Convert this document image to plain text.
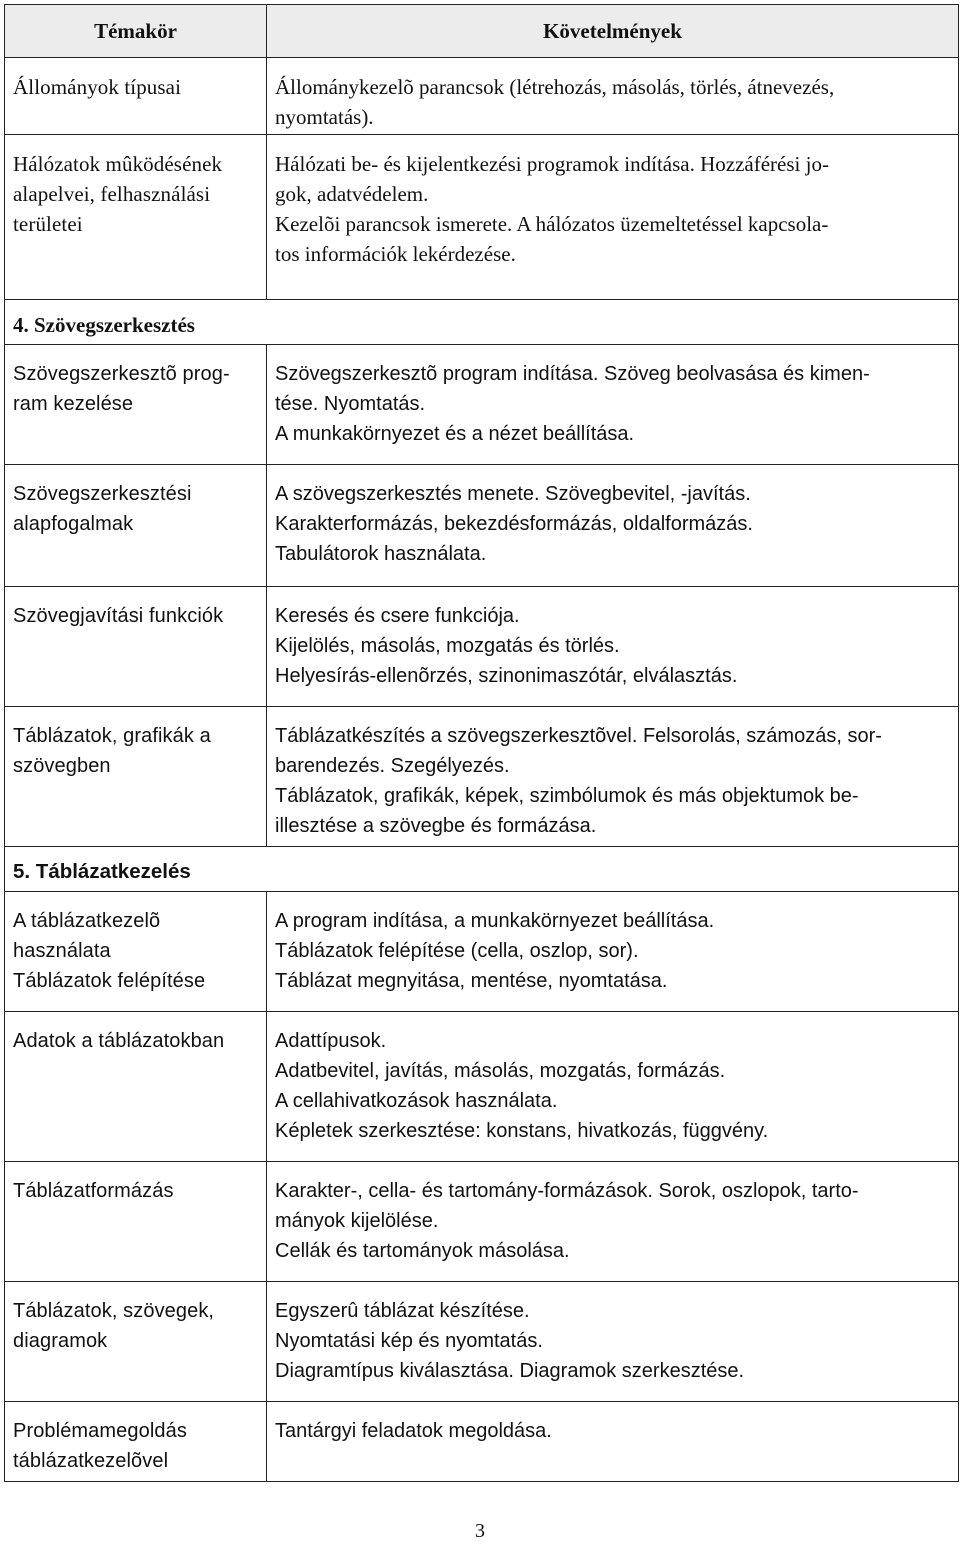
Témakör	Követelmények

Állományok típusai	Állománykezelõ parancsok (létrehozás, másolás, törlés, átnevezés,
nyomtatás).

Hálózatok mûködésének
alapelvei, felhasználási
területei	Hálózati be- és kijelentkezési programok indítása. Hozzáférési jo-
gok, adatvédelem.
Kezelõi parancsok ismerete. A hálózatos üzemeltetéssel kapcsola-
tos információk lekérdezése.

4. Szövegszerkesztés	

Szövegszerkesztõ prog-
ram kezelése	Szövegszerkesztõ program indítása. Szöveg beolvasása és kimen-
tése. Nyomtatás.
A munkakörnyezet és a nézet beállítása.

Szövegszerkesztési
alapfogalmak	A szövegszerkesztés menete. Szövegbevitel, -javítás.
Karakterformázás, bekezdésformázás, oldalformázás.
Tabulátorok használata.

Szövegjavítási funkciók	Keresés és csere funkciója.
Kijelölés, másolás, mozgatás és törlés.
Helyesírás-ellenõrzés, szinonimaszótár, elválasztás.

Táblázatok, grafikák a
szövegben	Táblázatkészítés a szövegszerkesztõvel. Felsorolás, számozás, sor-
barendezés. Szegélyezés.
Táblázatok, grafikák, képek, szimbólumok és más objektumok be-
illesztése a szövegbe és formázása.

5. Táblázatkezelés	

A táblázatkezelõ
használata
Táblázatok felépítése	A program indítása, a munkakörnyezet beállítása.
Táblázatok felépítése (cella, oszlop, sor).
Táblázat megnyitása, mentése, nyomtatása.

Adatok a táblázatokban	Adattípusok.
Adatbevitel, javítás, másolás, mozgatás, formázás.
A cellahivatkozások használata.
Képletek szerkesztése: konstans, hivatkozás, függvény.

Táblázatformázás	Karakter-, cella- és tartomány-formázások. Sorok, oszlopok, tarto-
mányok kijelölése.
Cellák és tartományok másolása.

Táblázatok, szövegek,
diagramok	Egyszerû táblázat készítése.
Nyomtatási kép és nyomtatás.
Diagramtípus kiválasztása. Diagramok szerkesztése.

Problémamegoldás
táblázatkezelõvel	Tantárgyi feladatok megoldása.
3
